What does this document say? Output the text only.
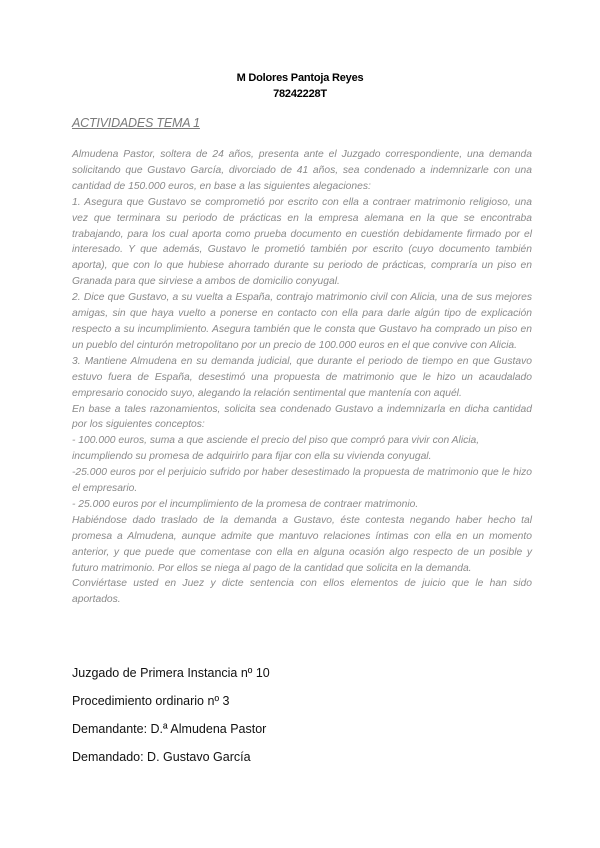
M Dolores Pantoja Reyes
78242228T
ACTIVIDADES TEMA 1

Almudena Pastor, soltera de 24 años, presenta ante el Juzgado correspondiente, una demanda solicitando que Gustavo García, divorciado de 41 años, sea condenado a indemnizarle con una cantidad de 150.000 euros, en base a las siguientes alegaciones:

1. Asegura que Gustavo se comprometió por escrito con ella a contraer matrimonio religioso, una vez que terminara su periodo de prácticas en la empresa alemana en la que se encontraba trabajando, para los cual aporta como prueba documento en cuestión debidamente firmado por el interesado. Y que además, Gustavo le prometió también por escrito (cuyo documento también aporta), que con lo que hubiese ahorrado durante su periodo de prácticas, compraría un piso en Granada para que sirviese a ambos de domicilio conyugal.

2. Dice que Gustavo, a su vuelta a España, contrajo matrimonio civil con Alicia, una de sus mejores amigas, sin que haya vuelto a ponerse en contacto con ella para darle algún tipo de explicación respecto a su incumplimiento. Asegura también que le consta que Gustavo ha comprado un piso en un pueblo del cinturón metropolitano por un precio de 100.000 euros en el que convive con Alicia.

3. Mantiene Almudena en su demanda judicial, que durante el periodo de tiempo en que Gustavo estuvo fuera de España, desestimó una propuesta de matrimonio que le hizo un acaudalado empresario conocido suyo, alegando la relación sentimental que mantenía con aquél.

En base a tales razonamientos, solicita sea condenado Gustavo a indemnizarla en dicha cantidad por los siguientes conceptos:

- 100.000 euros, suma a que asciende el precio del piso que compró para vivir con Alicia, incumpliendo su promesa de adquirirlo para fijar con ella su vivienda conyugal.

-25.000 euros por el perjuicio sufrido por haber desestimado la propuesta de matrimonio que le hizo el empresario.

- 25.000 euros por el incumplimiento de la promesa de contraer matrimonio.

Habiéndose dado traslado de la demanda a Gustavo, éste contesta negando haber hecho tal promesa a Almudena, aunque admite que mantuvo relaciones íntimas con ella en un momento anterior, y que puede que comentase con ella en alguna ocasión algo respecto de un posible y futuro matrimonio. Por ellos se niega al pago de la cantidad que solicita en la demanda.

Conviértase usted en Juez y dicte sentencia con ellos elementos de juicio que le han sido aportados.

Juzgado de Primera Instancia nº 10
Procedimiento ordinario nº 3
Demandante: D.ª Almudena Pastor
Demandado: D. Gustavo García
